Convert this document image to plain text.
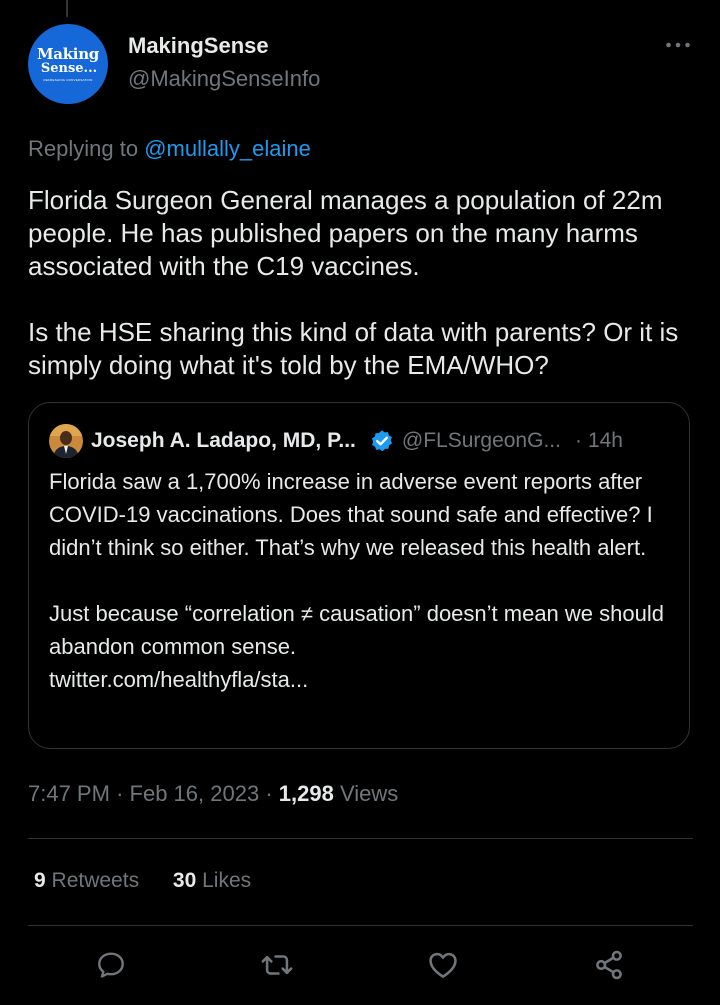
Making
Sense...
REFRESHING CONVERSATION
MakingSense
@MakingSenseInfo
Replying to @mullally_elaine

Florida Surgeon General manages a population of 22m people. He has published papers on the many harms associated with the C19 vaccines.

Is the HSE sharing this kind of data with parents? Or it is simply doing what it's told by the EMA/WHO?

Joseph A. Ladapo, MD, P... @FLSurgeonG... · 14h

Florida saw a 1,700% increase in adverse event reports after COVID-19 vaccinations. Does that sound safe and effective? I didn’t think so either. That’s why we released this health alert.

Just because “correlation ≠ causation” doesn’t mean we should abandon common sense.
twitter.com/healthyfla/sta...

7:47 PM · Feb 16, 2023 · 1,298 Views
9 Retweets 30 Likes
